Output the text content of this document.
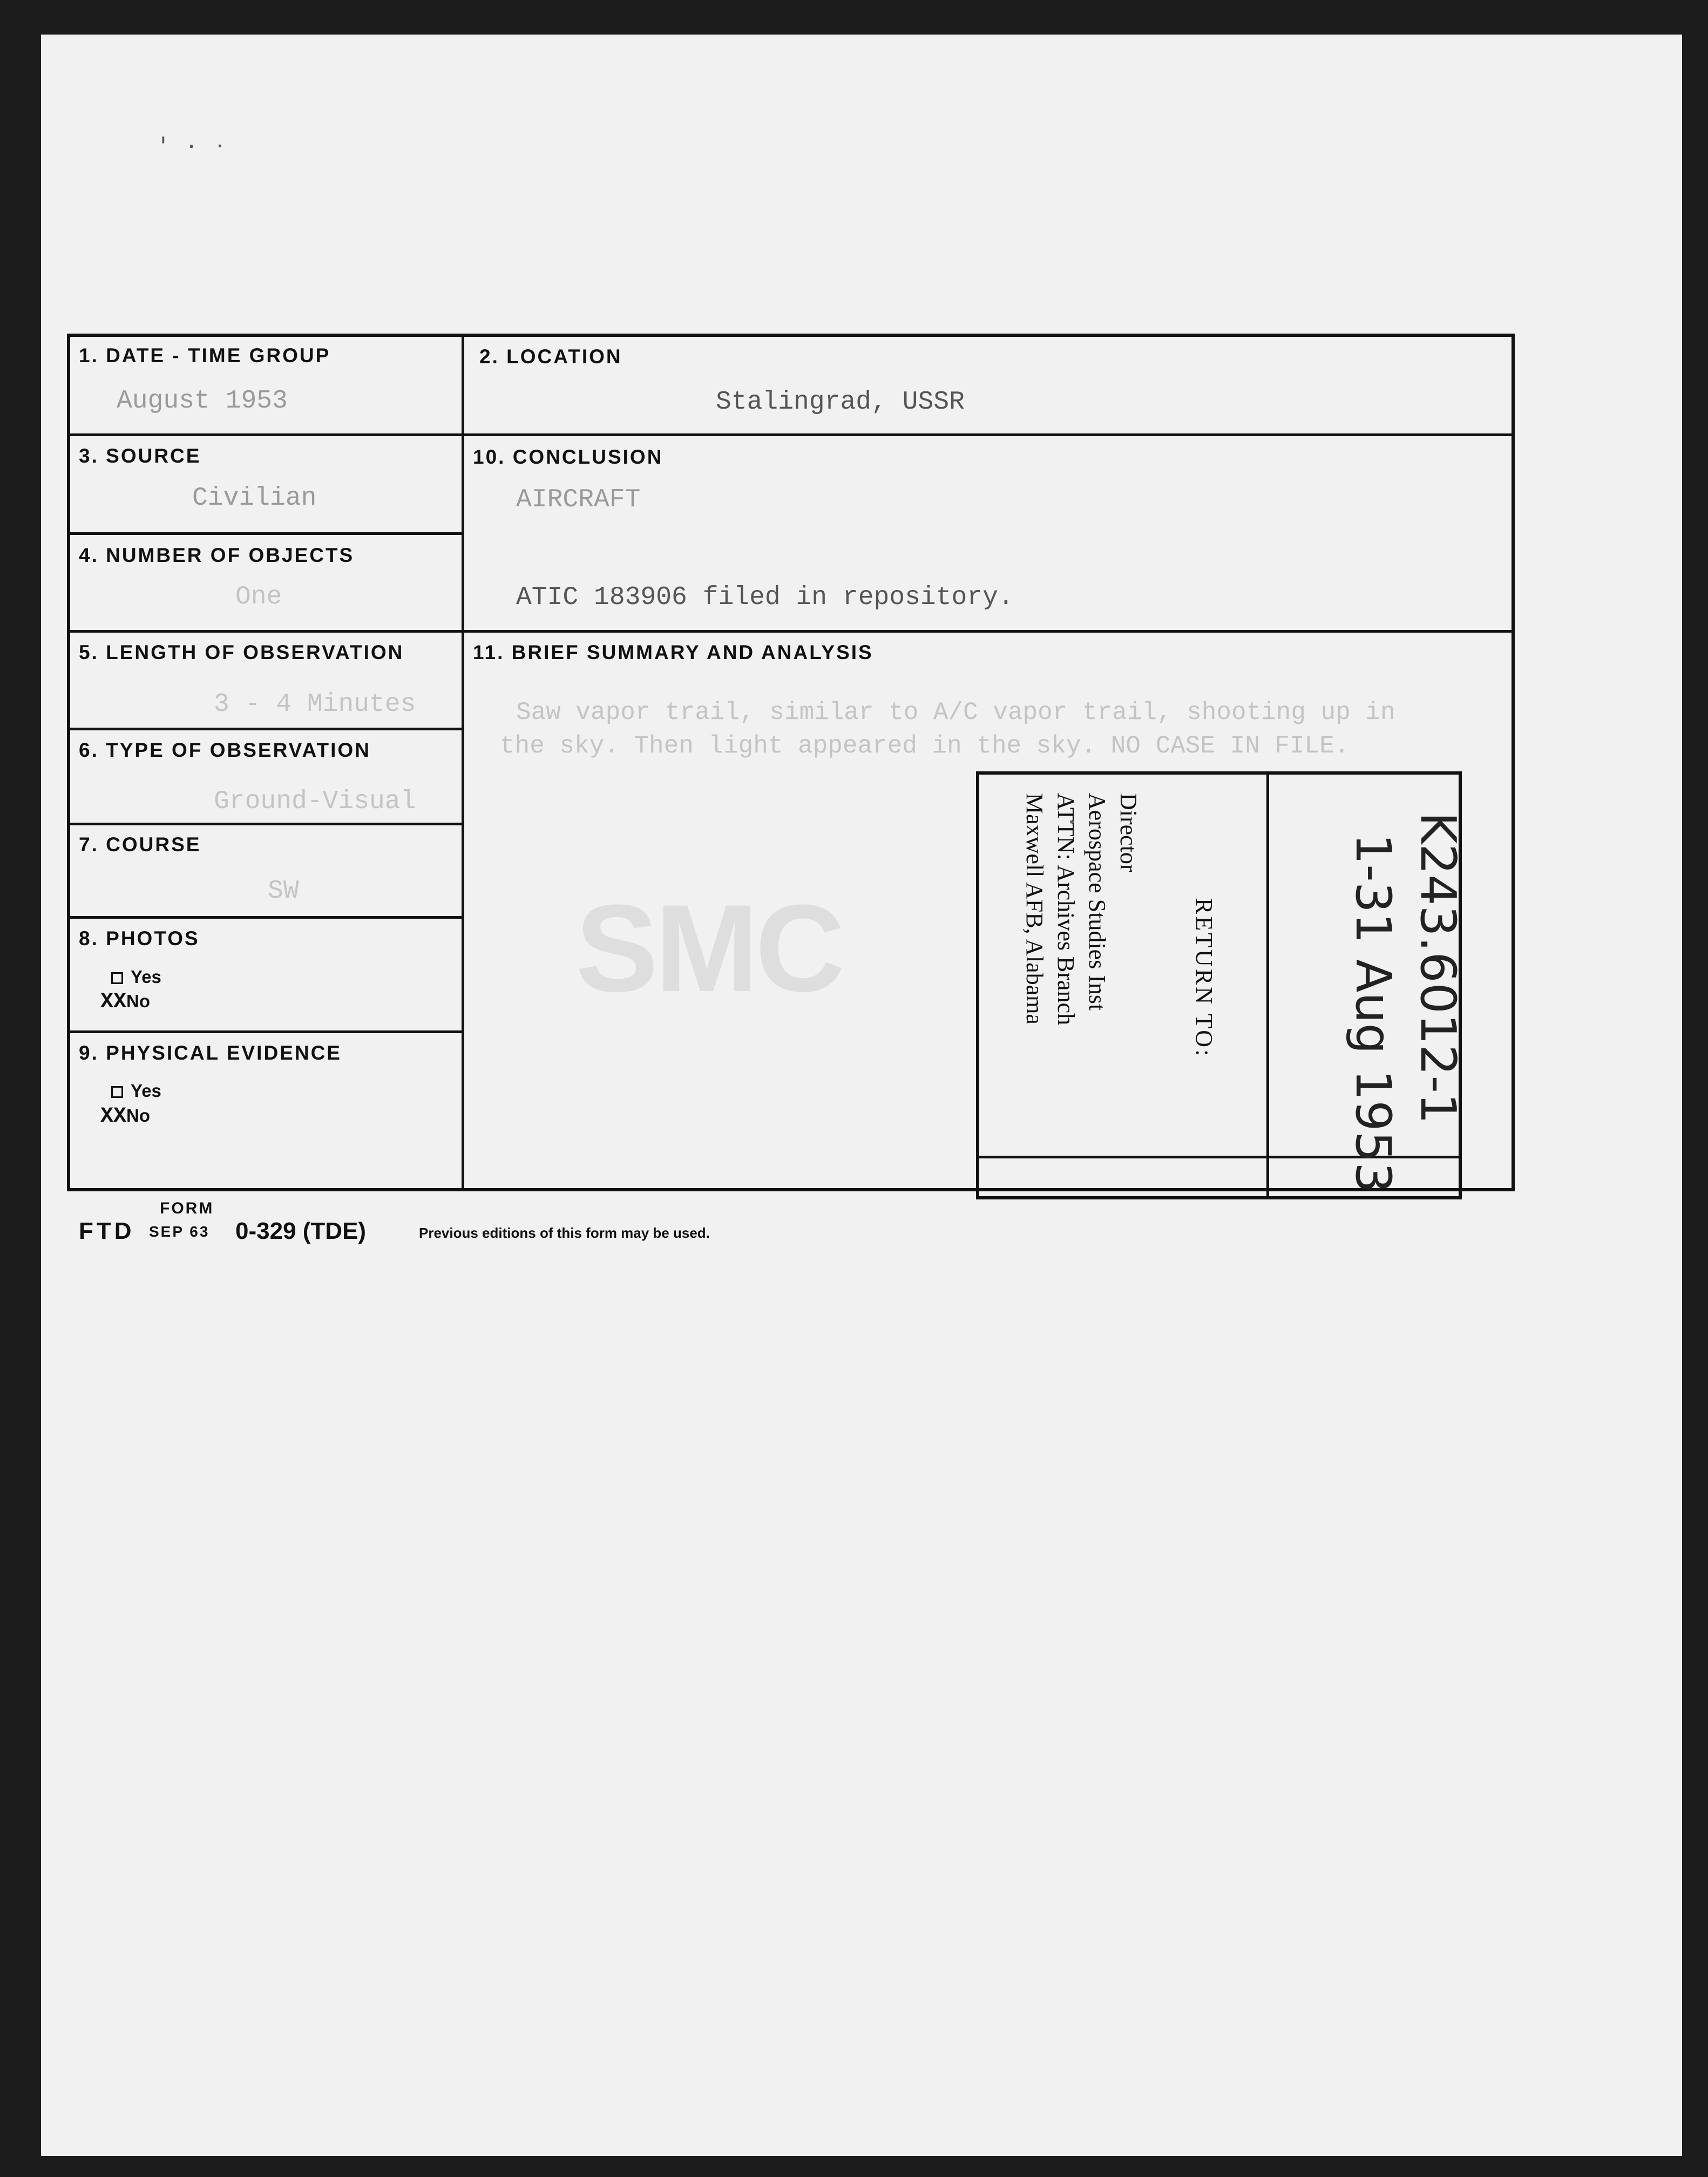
' · ᐧ
1. DATE - TIME GROUP
August 1953
2. LOCATION
Stalingrad, USSR
3. SOURCE
Civilian
10. CONCLUSION
AIRCRAFT
ATIC 183906 filed in repository.
4. NUMBER OF OBJECTS
One
5. LENGTH OF OBSERVATION
3 - 4 Minutes
11. BRIEF SUMMARY AND ANALYSIS
Saw vapor trail, similar to A/C vapor trail, shooting up in
the sky. Then light appeared in the sky. NO CASE IN FILE.
6. TYPE OF OBSERVATION
Ground-Visual
7. COURSE
SW
8. PHOTOS
Yes
XXNo
9. PHYSICAL EVIDENCE
Yes
XXNo
SMC	RETURN TO:
Director
Aerospace Studies Inst
ATTN: Archives Branch
Maxwell AFB, Alabama	K243.6012-1
1-31 Aug 1953
FORM
FTD SEP 63 0-329 (TDE)	Previous editions of this form may be used.
